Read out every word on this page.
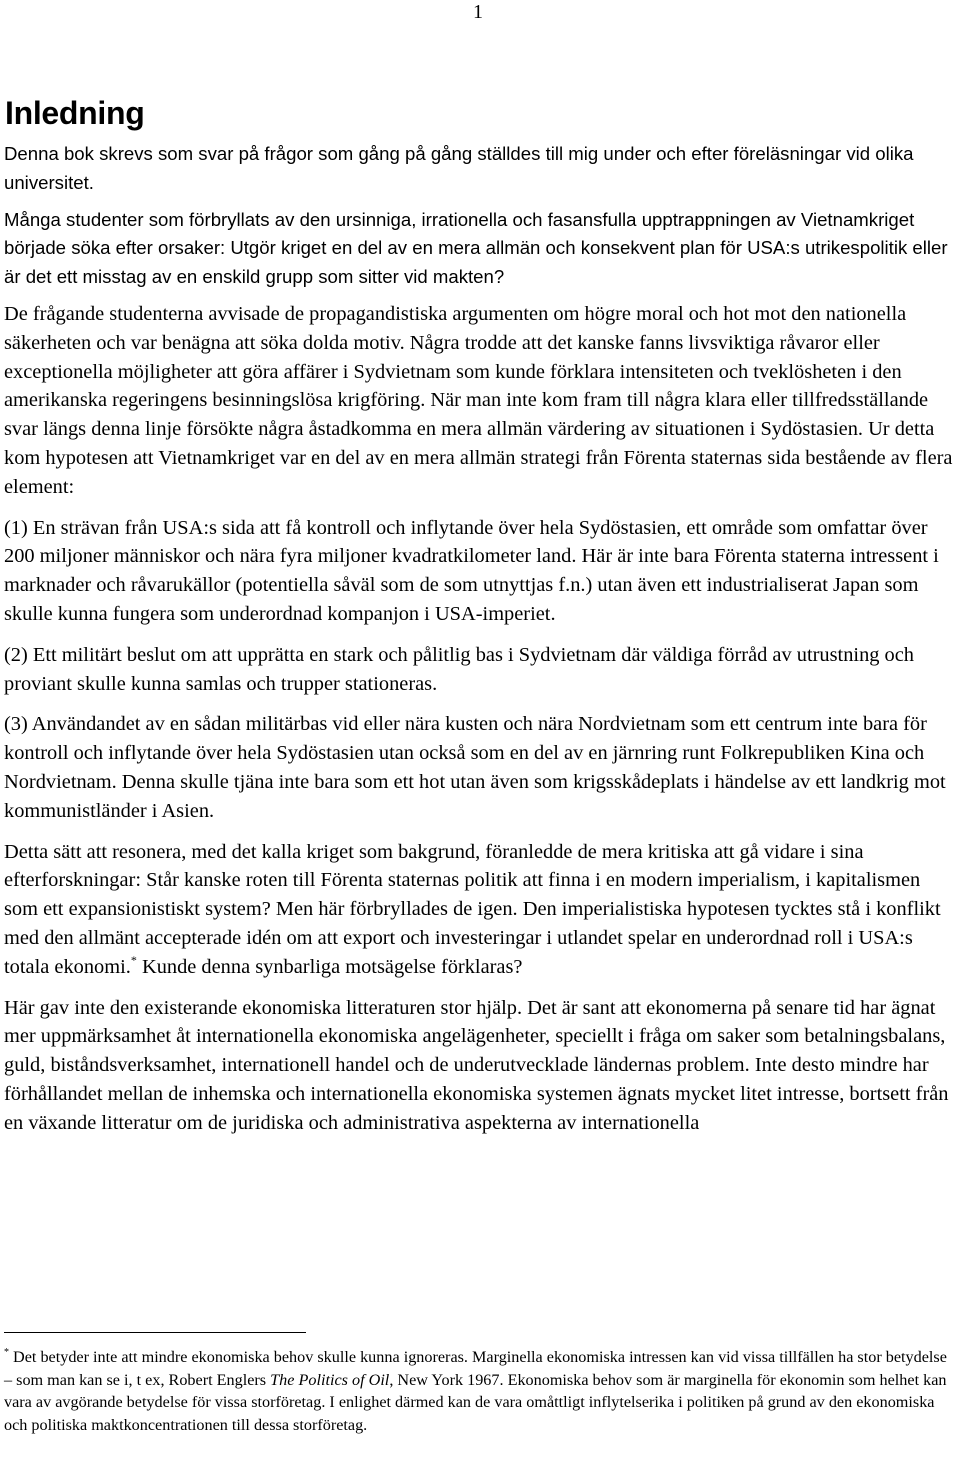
1
Inledning

Denna bok skrevs som svar på frågor som gång på gång ställdes till mig under och efter föreläsningar vid olika universitet.

Många studenter som förbryllats av den ursinniga, irrationella och fasansfulla upptrappningen av Vietnamkriget började söka efter orsaker: Utgör kriget en del av en mera allmän och konsekvent plan för USA:s utrikespolitik eller är det ett misstag av en enskild grupp som sitter vid makten?

De frågande studenterna avvisade de propagandistiska argumenten om högre moral och hot mot den nationella säkerheten och var benägna att söka dolda motiv. Några trodde att det kanske fanns livsviktiga råvaror eller exceptionella möjligheter att göra affärer i Sydvietnam som kunde förklara intensiteten och tveklösheten i den amerikanska regeringens besinningslösa krigföring. När man inte kom fram till några klara eller tillfredsställande svar längs denna linje försökte några åstadkomma en mera allmän värdering av situationen i Sydöstasien. Ur detta kom hypotesen att Vietnamkriget var en del av en mera allmän strategi från Förenta staternas sida bestående av flera element:

(1) En strävan från USA:s sida att få kontroll och inflytande över hela Sydöstasien, ett område som omfattar över 200 miljoner människor och nära fyra miljoner kvadratkilometer land. Här är inte bara Förenta staterna intressent i marknader och råvarukällor (potentiella såväl som de som utnyttjas f.n.) utan även ett industrialiserat Japan som skulle kunna fungera som underordnad kompanjon i USA-imperiet.

(2) Ett militärt beslut om att upprätta en stark och pålitlig bas i Sydvietnam där väldiga förråd av utrustning och proviant skulle kunna samlas och trupper stationeras.

(3) Användandet av en sådan militärbas vid eller nära kusten och nära Nordvietnam som ett centrum inte bara för kontroll och inflytande över hela Sydöstasien utan också som en del av en järnring runt Folkrepubliken Kina och Nordvietnam. Denna skulle tjäna inte bara som ett hot utan även som krigsskådeplats i händelse av ett landkrig mot kommunistländer i Asien.

Detta sätt att resonera, med det kalla kriget som bakgrund, föranledde de mera kritiska att gå vidare i sina efterforskningar: Står kanske roten till Förenta staternas politik att finna i en modern imperialism, i kapitalismen som ett expansionistiskt system? Men här förbryllades de igen. Den imperialistiska hypotesen tycktes stå i konflikt med den allmänt accepterade idén om att export och investeringar i utlandet spelar en underordnad roll i USA:s totala ekonomi.* Kunde denna synbarliga motsägelse förklaras?

Här gav inte den existerande ekonomiska litteraturen stor hjälp. Det är sant att ekonomerna på senare tid har ägnat mer uppmärksamhet åt internationella ekonomiska angelägenheter, speciellt i fråga om saker som betalningsbalans, guld, biståndsverksamhet, internationell handel och de underutvecklade ländernas problem. Inte desto mindre har förhållandet mellan de inhemska och internationella ekonomiska systemen ägnats mycket litet intresse, bortsett från en växande litteratur om de juridiska och administrativa aspekterna av internationella

* Det betyder inte att mindre ekonomiska behov skulle kunna ignoreras. Marginella ekonomiska intressen kan vid vissa tillfällen ha stor betydelse – som man kan se i, t ex, Robert Englers The Politics of Oil, New York 1967. Ekonomiska behov som är marginella för ekonomin som helhet kan vara av avgörande betydelse för vissa storföretag. I enlighet därmed kan de vara omåttligt inflytelserika i politiken på grund av den ekonomiska och politiska maktkoncentrationen till dessa storföretag.
